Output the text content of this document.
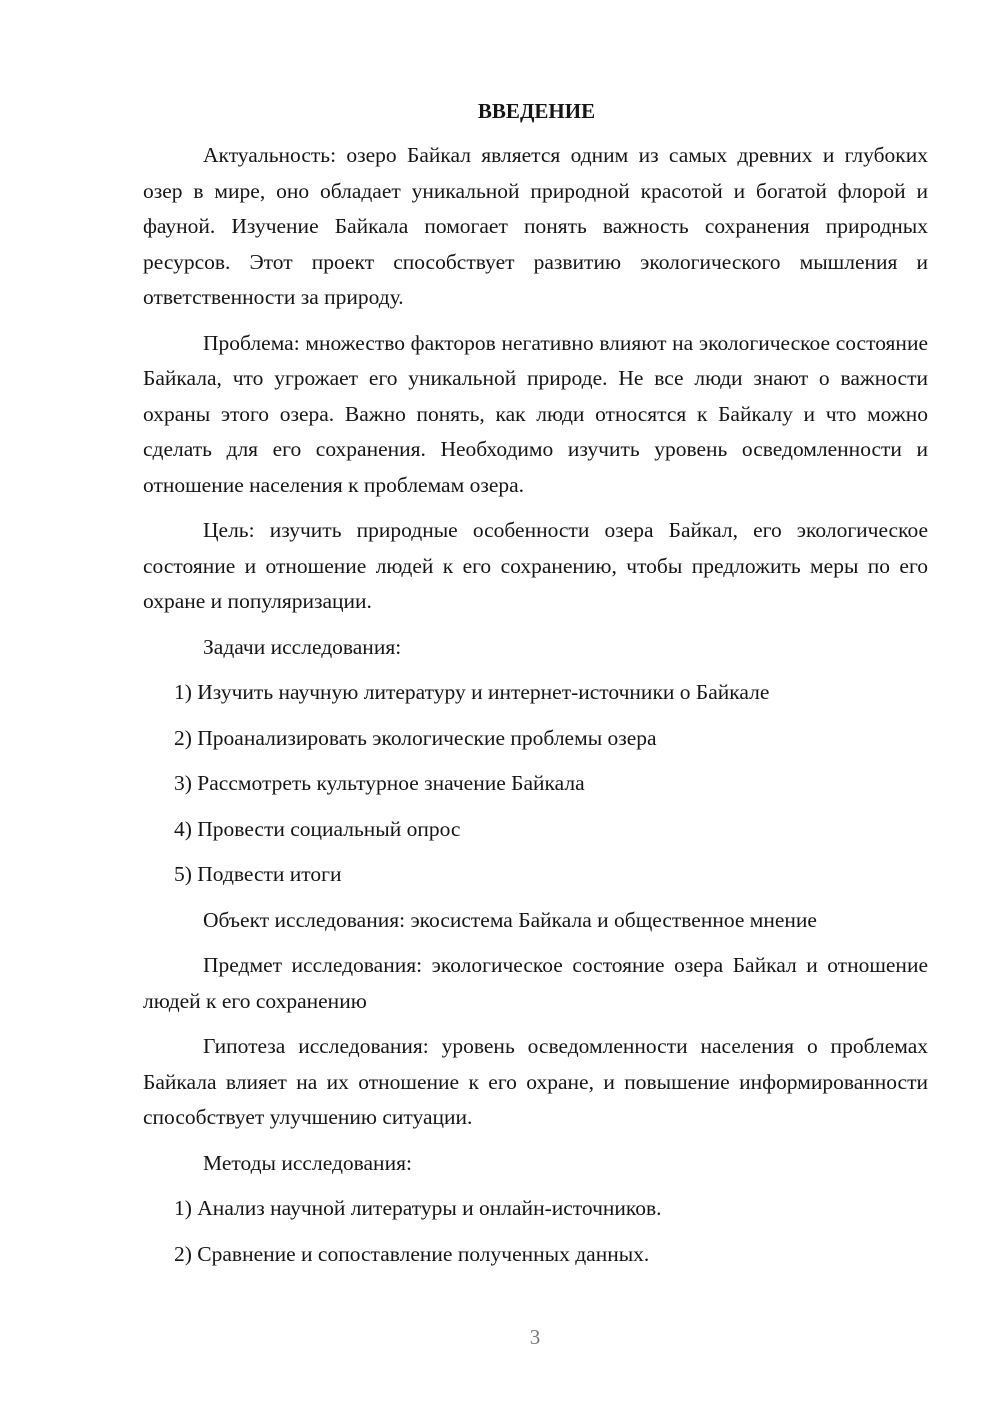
ВВЕДЕНИЕ

Актуальность: озеро Байкал является одним из самых древних и глубоких озер в мире, оно обладает уникальной природной красотой и богатой флорой и фауной. Изучение Байкала помогает понять важность сохранения природных ресурсов. Этот проект способствует развитию экологического мышления и ответственности за природу.

Проблема: множество факторов негативно влияют на экологическое состояние Байкала, что угрожает его уникальной природе. Не все люди знают о важности охраны этого озера. Важно понять, как люди относятся к Байкалу и что можно сделать для его сохранения. Необходимо изучить уровень осведомленности и отношение населения к проблемам озера.

Цель: изучить природные особенности озера Байкал, его экологическое состояние и отношение людей к его сохранению, чтобы предложить меры по его охране и популяризации.

Задачи исследования:

1) Изучить научную литературу и интернет-источники о Байкале

2) Проанализировать экологические проблемы озера

3) Рассмотреть культурное значение Байкала

4) Провести социальный опрос

5) Подвести итоги

Объект исследования: экосистема Байкала и общественное мнение

Предмет исследования: экологическое состояние озера Байкал и отношение людей к его сохранению

Гипотеза исследования: уровень осведомленности населения о проблемах Байкала влияет на их отношение к его охране, и повышение информированности способствует улучшению ситуации.

Методы исследования:

1) Анализ научной литературы и онлайн-источников.

2) Сравнение и сопоставление полученных данных.

3
